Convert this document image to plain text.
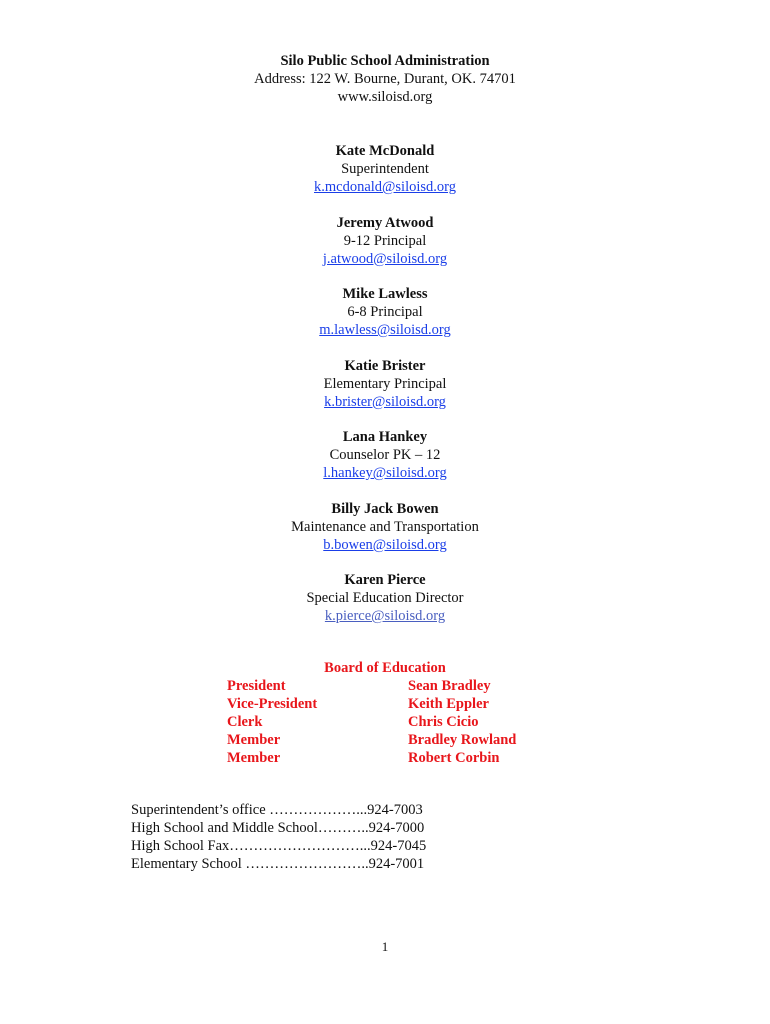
Silo Public School Administration
Address: 122 W. Bourne, Durant, OK. 74701
www.siloisd.org
Kate McDonald
Superintendent
k.mcdonald@siloisd.org
Jeremy Atwood
9-12 Principal
j.atwood@siloisd.org
Mike Lawless
6-8 Principal
m.lawless@siloisd.org
Katie Brister
Elementary Principal
k.brister@siloisd.org
Lana Hankey
Counselor PK – 12
l.hankey@siloisd.org
Billy Jack Bowen
Maintenance and Transportation
b.bowen@siloisd.org
Karen Pierce
Special Education Director
k.pierce@siloisd.org
Board of Education
President	Sean Bradley
Vice-President	Keith Eppler
Clerk	Chris Cicio
Member	Bradley Rowland
Member	Robert Corbin
Superintendent’s office ………………...924-7003
High School and Middle School………..924-7000
High School Fax………………………...924-7045
Elementary School ……………………..924-7001
1
